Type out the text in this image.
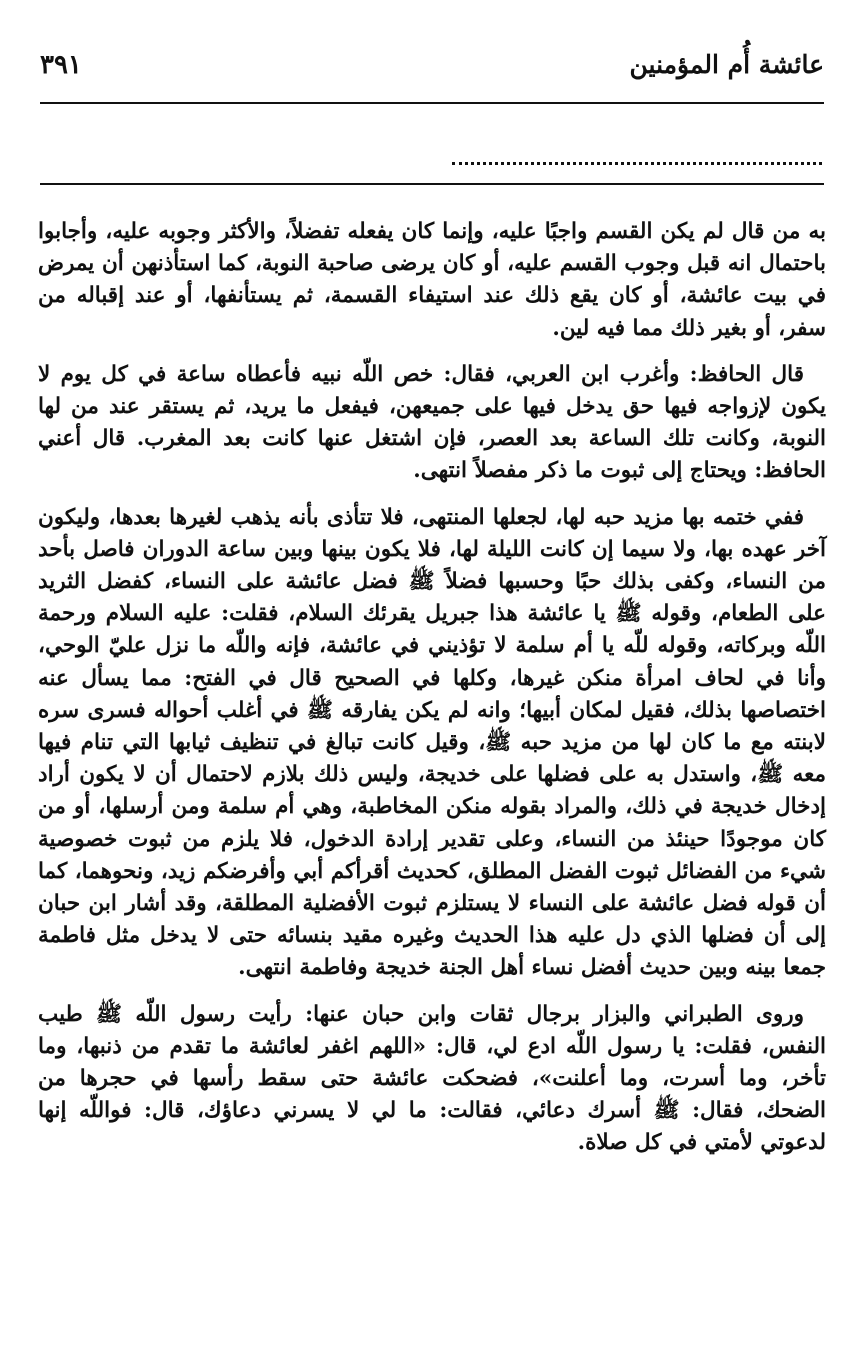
عائشة أُم المؤمنين
٣٩١

به من قال لم يكن القسم واجبًا عليه، وإنما كان يفعله تفضلاً، والأكثر وجوبه عليه، وأجابوا باحتمال انه قبل وجوب القسم عليه، أو كان يرضى صاحبة النوبة، كما استأذنهن أن يمرض في بيت عائشة، أو كان يقع ذلك عند استيفاء القسمة، ثم يستأنفها، أو عند إقباله من سفر، أو بغير ذلك مما فيه لين.

قال الحافظ: وأغرب ابن العربي، فقال: خص اللّه نبيه فأعطاه ساعة في كل يوم لا يكون لإزواجه فيها حق يدخل فيها على جميعهن، فيفعل ما يريد، ثم يستقر عند من لها النوبة، وكانت تلك الساعة بعد العصر، فإن اشتغل عنها كانت بعد المغرب. قال أعني الحافظ: ويحتاج إلى ثبوت ما ذكر مفصلاً انتهى.

ففي ختمه بها مزيد حبه لها، لجعلها المنتهى، فلا تتأذى بأنه يذهب لغيرها بعدها، وليكون آخر عهده بها، ولا سيما إن كانت الليلة لها، فلا يكون بينها وبين ساعة الدوران فاصل بأحد من النساء، وكفى بذلك حبًا وحسبها فضلاً ﷺ فضل عائشة على النساء، كفضل الثريد على الطعام، وقوله ﷺ يا عائشة هذا جبريل يقرئك السلام، فقلت: عليه السلام ورحمة اللّه وبركاته، وقوله للّه يا أم سلمة لا تؤذيني في عائشة، فإنه واللّه ما نزل عليّ الوحي، وأنا في لحاف امرأة منكن غيرها، وكلها في الصحيح قال في الفتح: مما يسأل عنه اختصاصها بذلك، فقيل لمكان أبيها؛ وانه لم يكن يفارقه ﷺ في أغلب أحواله فسرى سره لابنته مع ما كان لها من مزيد حبه ﷺ، وقيل كانت تبالغ في تنظيف ثيابها التي تنام فيها معه ﷺ، واستدل به على فضلها على خديجة، وليس ذلك بلازم لاحتمال أن لا يكون أراد إدخال خديجة في ذلك، والمراد بقوله منكن المخاطبة، وهي أم سلمة ومن أرسلها، أو من كان موجودًا حينئذ من النساء، وعلى تقدير إرادة الدخول، فلا يلزم من ثبوت خصوصية شيء من الفضائل ثبوت الفضل المطلق، كحديث أقرأكم أبي وأفرضكم زيد، ونحوهما، كما أن قوله فضل عائشة على النساء لا يستلزم ثبوت الأفضلية المطلقة، وقد أشار ابن حبان إلى أن فضلها الذي دل عليه هذا الحديث وغيره مقيد بنسائه حتى لا يدخل مثل فاطمة جمعا بينه وبين حديث أفضل نساء أهل الجنة خديجة وفاطمة انتهى.

وروى الطبراني والبزار برجال ثقات وابن حبان عنها: رأيت رسول اللّه ﷺ طيب النفس، فقلت: يا رسول اللّه ادع لي، قال: «اللهم اغفر لعائشة ما تقدم من ذنبها، وما تأخر، وما أسرت، وما أعلنت»، فضحكت عائشة حتى سقط رأسها في حجرها من الضحك، فقال: ﷺ أسرك دعائي، فقالت: ما لي لا يسرني دعاؤك، قال: فواللّه إنها لدعوتي لأمتي في كل صلاة.
